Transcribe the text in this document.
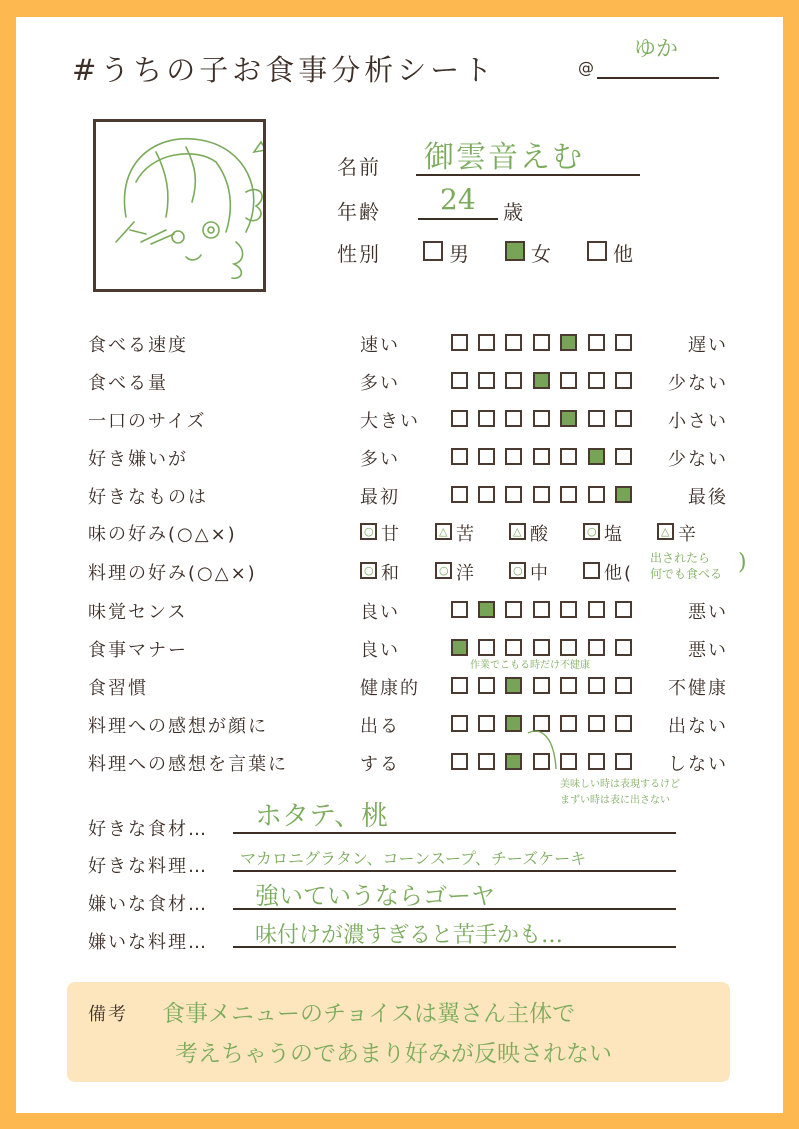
#うちの子お食事分析シート	@
ゆか
名前 御雲音えむ
年齢 24 歳
性別	男	女	他
食べる速度	速い	遅い
食べる量	多い	少ない
一口のサイズ	大きい	小さい
好き嫌いが	多い	少ない
好きなものは	最初	最後
味覚センス	良い	悪い
食事マナー	良い	悪い
食習慣	健康的	不健康
料理への感想が顔に	出る	出ない
料理への感想を言葉に	する	しない
味の好み(○△×)	○ 甘	△ 苦	△ 酸	○ 塩	△ 辛
料理の好み(○△×)	○ 和	○ 洋	○ 中	他(
出されたら
何でも食べる )
作業でこもる時だけ不健康
美味しい時は表現するけど
まずい時は表に出さない
好きな食材… ホタテ、桃
好きな料理… マカロニグラタン、コーンスープ、チーズケーキ
嫌いな食材… 強いていうならゴーヤ
嫌いな料理… 味付けが濃すぎると苦手かも…
備考 食事メニューのチョイスは翼さん主体で
考えちゃうのであまり好みが反映されない
